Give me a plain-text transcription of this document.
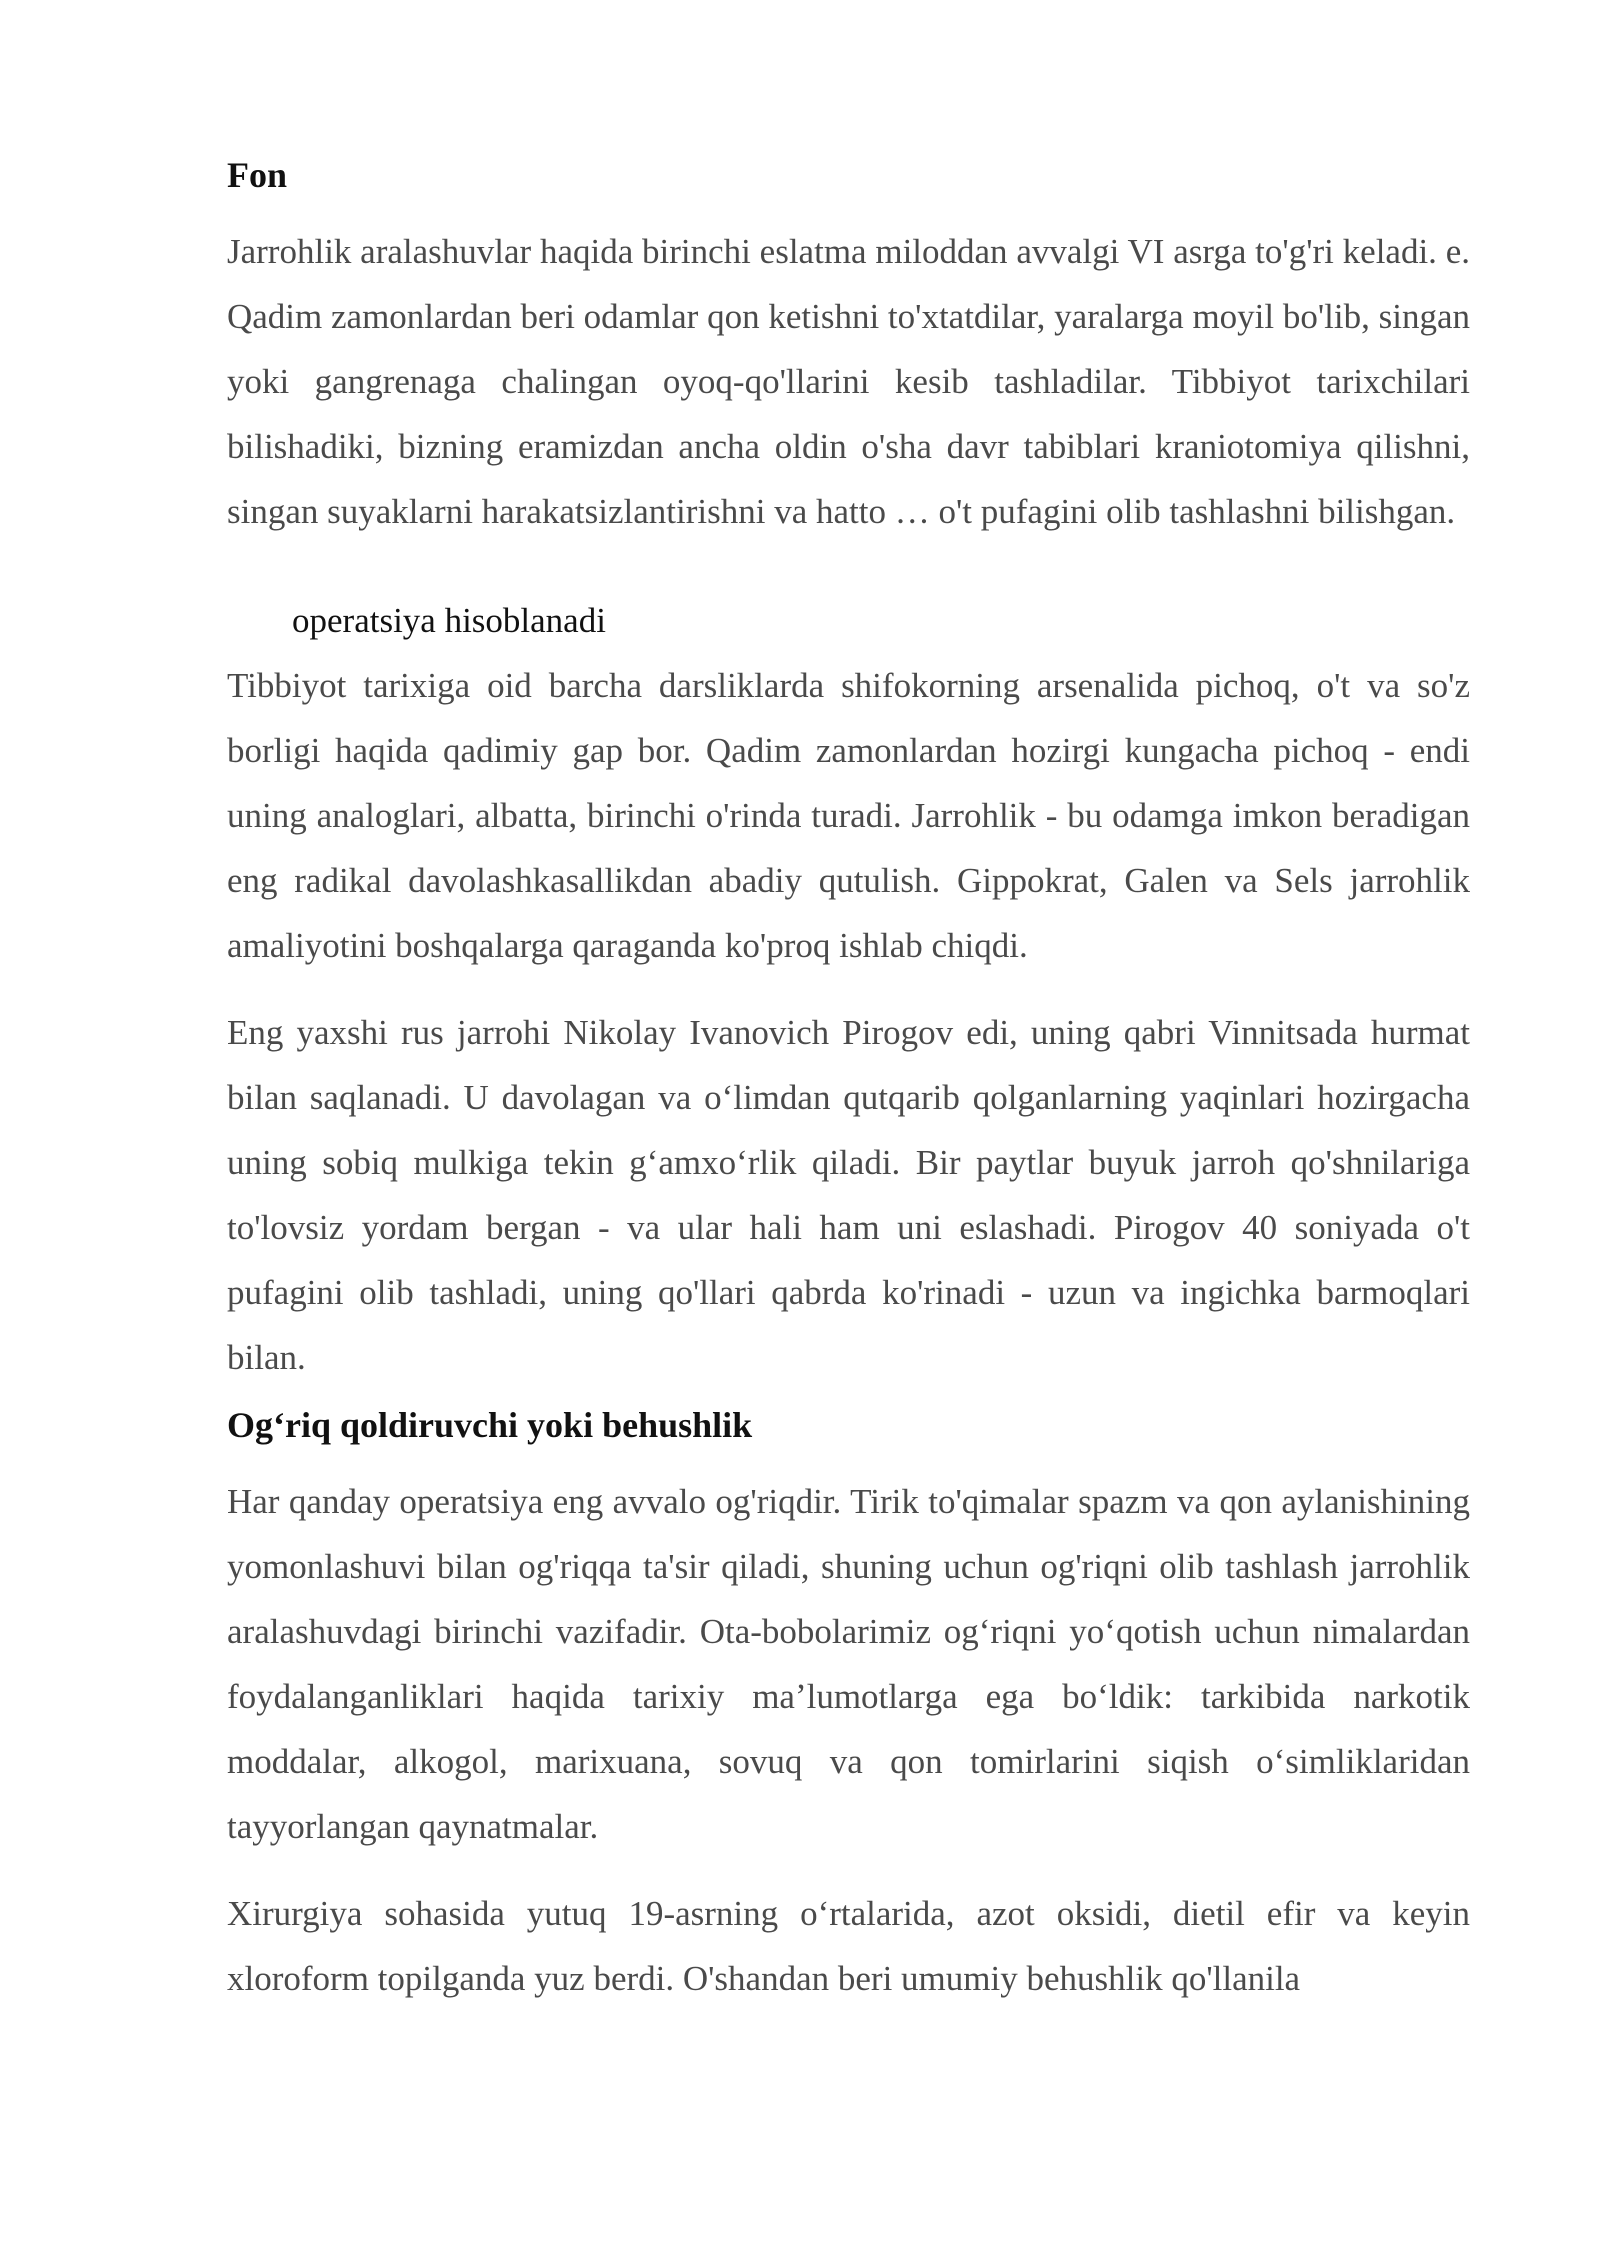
Fon

Jarrohlik aralashuvlar haqida birinchi eslatma miloddan avvalgi VI asrga to'g'ri keladi. e. Qadim zamonlardan beri odamlar qon ketishni to'xtatdilar, yaralarga moyil bo'lib, singan yoki gangrenaga chalingan oyoq-qo'llarini kesib tashladilar. Tibbiyot tarixchilari bilishadiki, bizning eramizdan ancha oldin o'sha davr tabiblari kraniotomiya qilishni, singan suyaklarni harakatsizlantirishni va hatto … o't pufagini olib tashlashni bilishgan.

operatsiya hisoblanadi

Tibbiyot tarixiga oid barcha darsliklarda shifokorning arsenalida pichoq, o't va so'z borligi haqida qadimiy gap bor. Qadim zamonlardan hozirgi kungacha pichoq - endi uning analoglari, albatta, birinchi o'rinda turadi. Jarrohlik - bu odamga imkon beradigan eng radikal davolashkasallikdan abadiy qutulish. Gippokrat, Galen va Sels jarrohlik amaliyotini boshqalarga qaraganda ko'proq ishlab chiqdi.

Eng yaxshi rus jarrohi Nikolay Ivanovich Pirogov edi, uning qabri Vinnitsada hurmat bilan saqlanadi. U davolagan va oʻlimdan qutqarib qolganlarning yaqinlari hozirgacha uning sobiq mulkiga tekin gʻamxoʻrlik qiladi. Bir paytlar buyuk jarroh qo'shnilariga to'lovsiz yordam bergan - va ular hali ham uni eslashadi. Pirogov 40 soniyada o't pufagini olib tashladi, uning qo'llari qabrda ko'rinadi - uzun va ingichka barmoqlari bilan.

Ogʻriq qoldiruvchi yoki behushlik

Har qanday operatsiya eng avvalo og'riqdir. Tirik to'qimalar spazm va qon aylanishining yomonlashuvi bilan og'riqqa ta'sir qiladi, shuning uchun og'riqni olib tashlash jarrohlik aralashuvdagi birinchi vazifadir. Ota-bobolarimiz ogʻriqni yoʻqotish uchun nimalardan foydalanganliklari haqida tarixiy maʼlumotlarga ega boʻldik: tarkibida narkotik moddalar, alkogol, marixuana, sovuq va qon tomirlarini siqish oʻsimliklaridan tayyorlangan qaynatmalar.

Xirurgiya sohasida yutuq 19-asrning oʻrtalarida, azot oksidi, dietil efir va keyin xloroform topilganda yuz berdi. O'shandan beri umumiy behushlik qo'llanila
